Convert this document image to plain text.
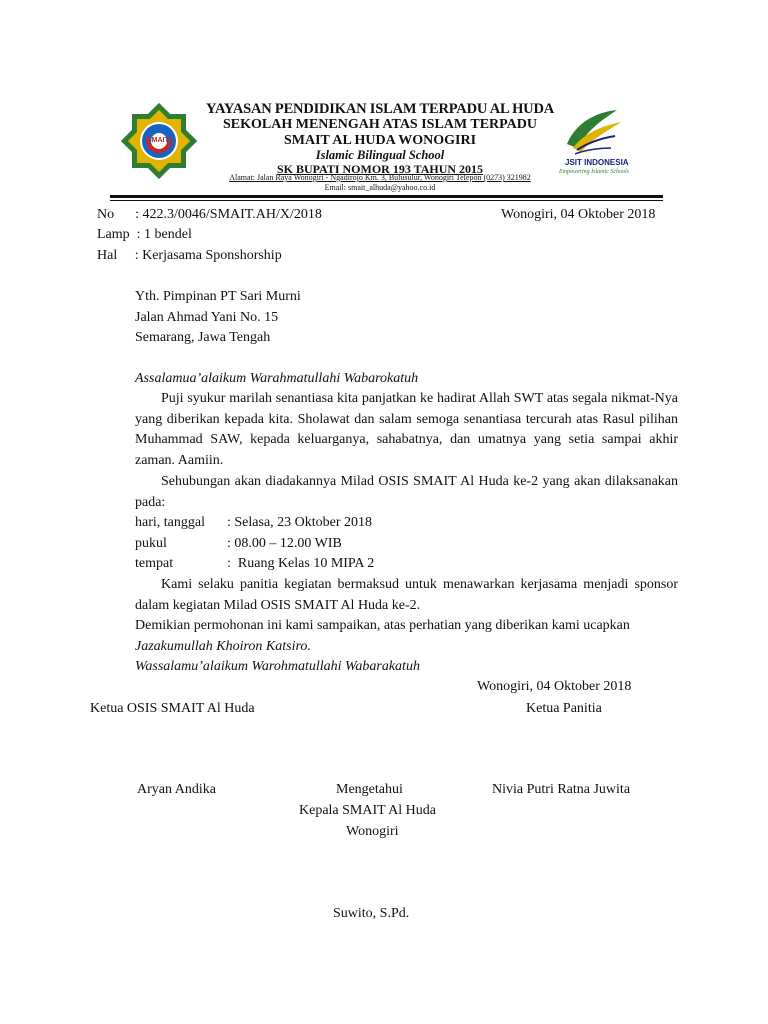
SMAIT
YAYASAN PENDIDIKAN ISLAM TERPADU AL HUDA
SEKOLAH MENENGAH ATAS ISLAM TERPADU
SMAIT AL HUDA WONOGIRI
Islamic Bilingual School
SK BUPATI NOMOR 193 TAHUN 2015
Alamat: Jalan Raya Wonogiri - Ngadirojo Km. 3, Bulusulur, Wonogiri Telepon (0273) 321982
Email: smait_alhuda@yahoo.co.id
JSIT INDONESIA
Empowering Islamic Schools
No      : 422.3/0046/SMAIT.AH/X/2018	Wonogiri, 04 Oktober 2018
Lamp  : 1 bendel
Hal     : Kerjasama Sponshorship
Yth. Pimpinan PT Sari Murni
Jalan Ahmad Yani No. 15
Semarang, Jawa Tengah
Assalamua’alaikum Warahmatullahi Wabarokatuh

Puji syukur marilah senantiasa kita panjatkan ke hadirat Allah SWT atas segala nikmat-Nya yang diberikan kepada kita. Sholawat dan salam semoga senantiasa tercurah atas Rasul pilihan Muhammad SAW, kepada keluarganya, sahabatnya, dan umatnya yang setia sampai akhir zaman. Aamiin.

Sehubungan akan diadakannya Milad OSIS SMAIT Al Huda ke-2 yang akan dilaksanakan pada:

hari, tanggal : Selasa, 23 Oktober 2018
pukul	: 08.00 – 12.00 WIB
tempat	:  Ruang Kelas 10 MIPA 2

Kami selaku panitia kegiatan bermaksud untuk menawarkan kerjasama menjadi sponsor dalam kegiatan Milad OSIS SMAIT Al Huda ke-2.

Demikian permohonan ini kami sampaikan, atas perhatian yang diberikan kami ucapkan

Jazakumullah Khoiron Katsiro.

Wassalamu’alaikum Warohmatullahi Wabarakatuh
Wonogiri, 04 Oktober 2018
Ketua OSIS SMAIT Al Huda	Ketua Panitia
Aryan Andika	Mengetahui	Nivia Putri Ratna Juwita
Kepala SMAIT Al Huda
Wonogiri
Suwito, S.Pd.
